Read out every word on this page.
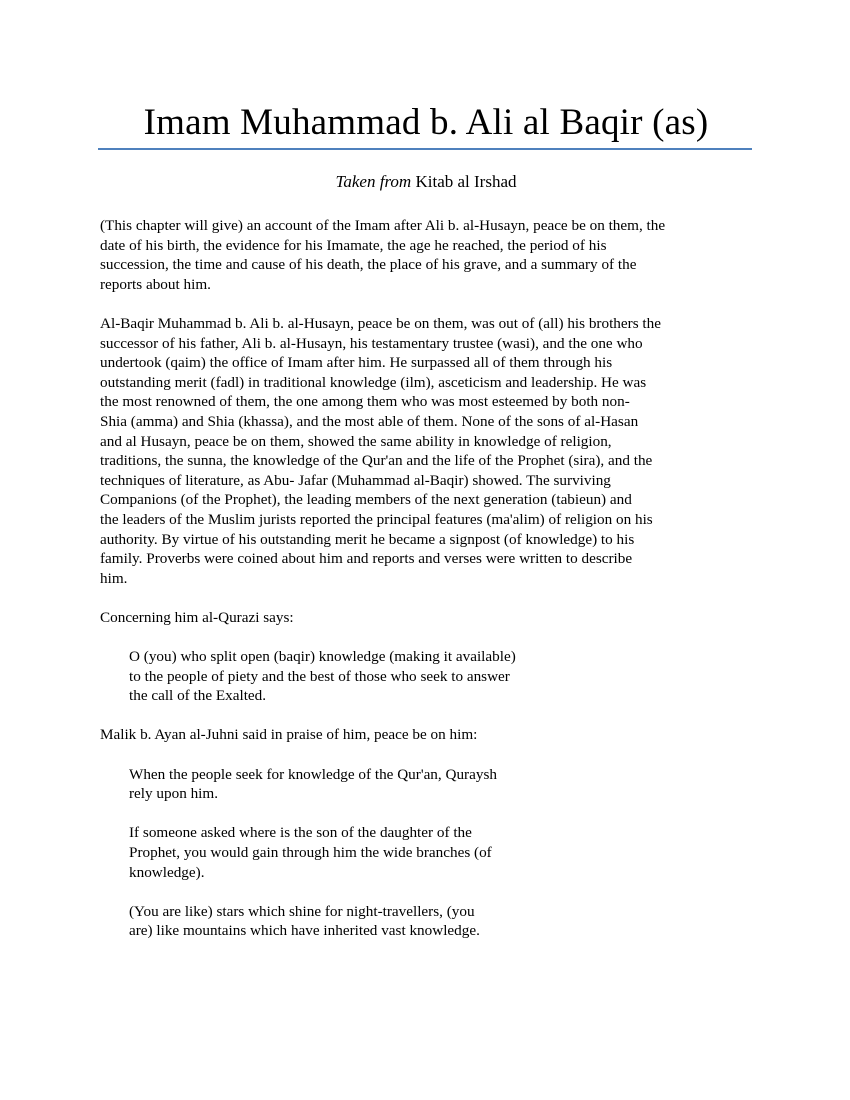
Imam Muhammad b. Ali al Baqir (as)
Taken from Kitab al Irshad

(This chapter will give) an account of the Imam after Ali b. al-Husayn, peace be on them, the
date of his birth, the evidence for his Imamate, the age he reached, the period of his
succession, the time and cause of his death, the place of his grave, and a summary of the
reports about him.

Al-Baqir Muhammad b. Ali b. al-Husayn, peace be on them, was out of (all) his brothers the
successor of his father, Ali b. al-Husayn, his testamentary trustee (wasi), and the one who
undertook (qaim) the office of Imam after him. He surpassed all of them through his
outstanding merit (fadl) in traditional knowledge (ilm), asceticism and leadership. He was
the most renowned of them, the one among them who was most esteemed by both non-
Shia (amma) and Shia (khassa), and the most able of them. None of the sons of al-Hasan
and al Husayn, peace be on them, showed the same ability in knowledge of religion,
traditions, the sunna, the knowledge of the Qur'an and the life of the Prophet (sira), and the
techniques of literature, as Abu- Jafar (Muhammad al-Baqir) showed. The surviving
Companions (of the Prophet), the leading members of the next generation (tabieun) and
the leaders of the Muslim jurists reported the principal features (ma'alim) of religion on his
authority. By virtue of his outstanding merit he became a signpost (of knowledge) to his
family. Proverbs were coined about him and reports and verses were written to describe
him.

Concerning him al-Qurazi says:

O (you) who split open (baqir) knowledge (making it available)
to the people of piety and the best of those who seek to answer
the call of the Exalted.

Malik b. Ayan al-Juhni said in praise of him, peace be on him:

When the people seek for knowledge of the Qur'an, Quraysh
rely upon him.
If someone asked where is the son of the daughter of the
Prophet, you would gain through him the wide branches (of
knowledge).
(You are like) stars which shine for night-travellers, (you
are) like mountains which have inherited vast knowledge.
